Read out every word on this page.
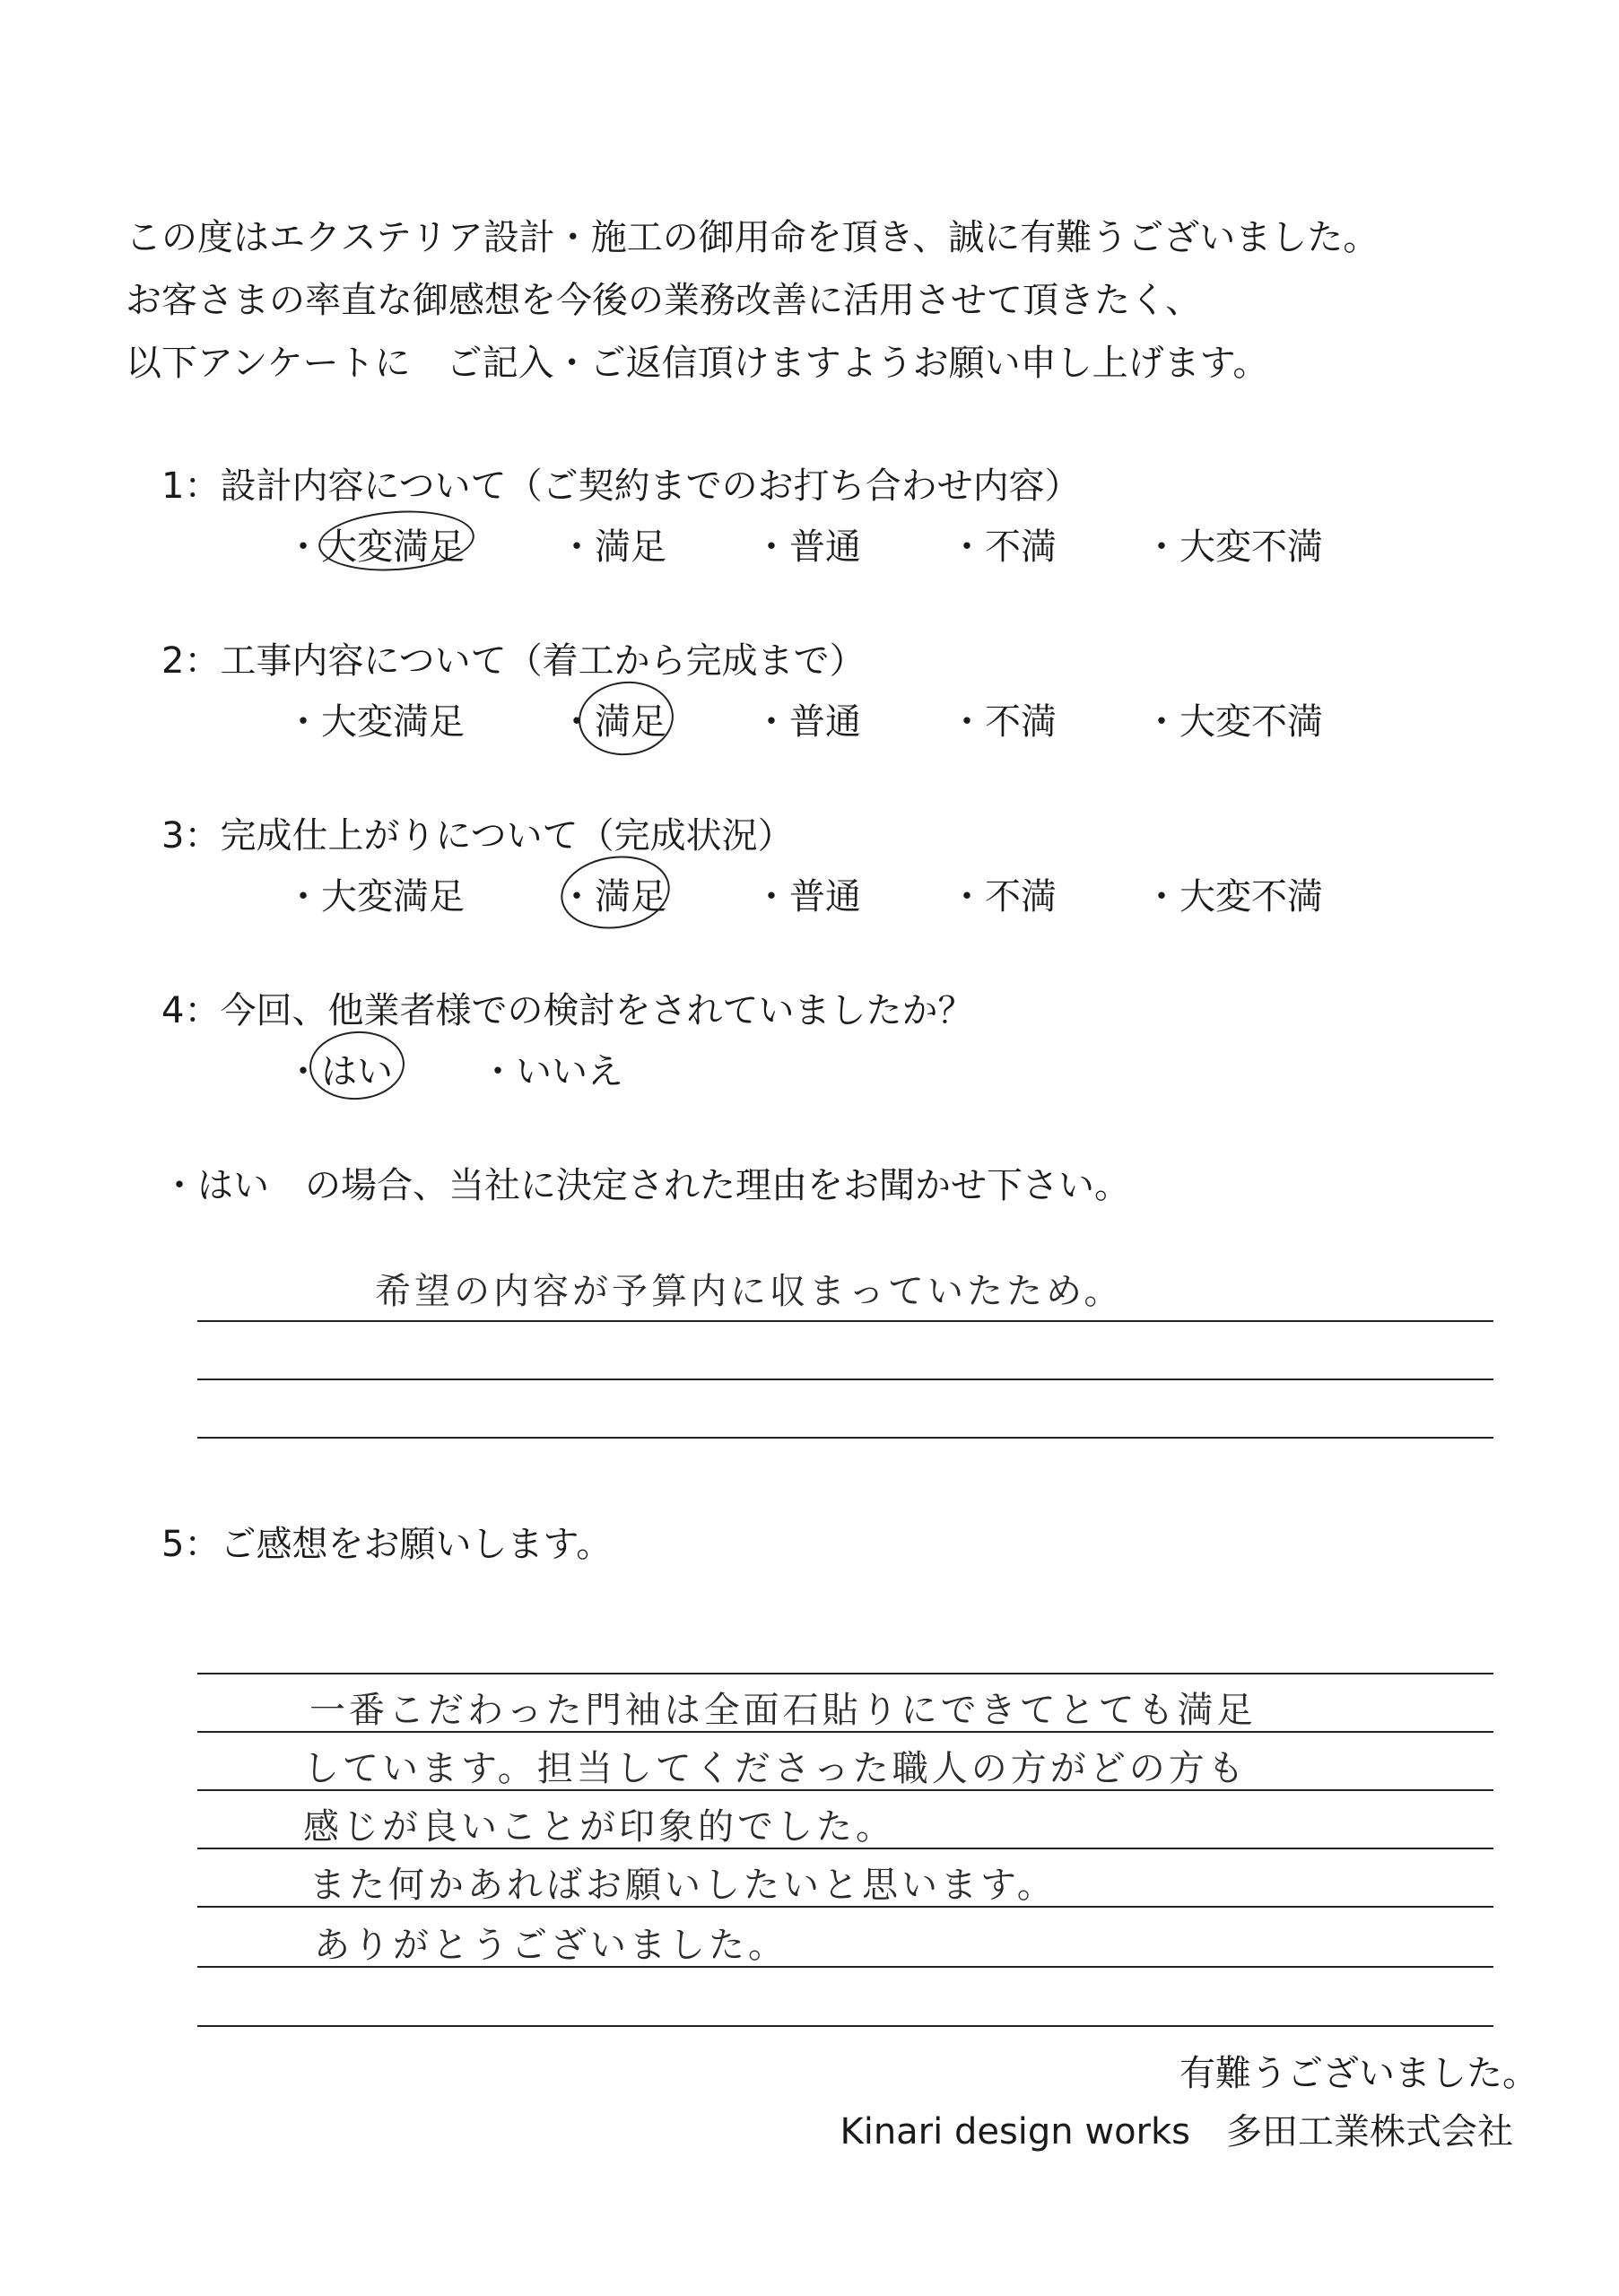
この度はエクステリア設計・施工の御用命を頂き、誠に有難うございました。
お客さまの率直な御感想を今後の業務改善に活用させて頂きたく、
以下アンケートに　ご記入・ご返信頂けますようお願い申し上げます。
1：設計内容について（ご契約までのお打ち合わせ内容）
・大変満足	・満足 ・普通 ・不満 ・大変不満
2：工事内容について（着工から完成まで）
・大変満足	・満足 ・普通 ・不満 ・大変不満
3：完成仕上がりについて（完成状況）
・大変満足	・満足 ・普通 ・不満 ・大変不満
4：今回、他業者様での検討をされていましたか？
・はい ・いいえ
・はい　の場合、当社に決定された理由をお聞かせ下さい。
希望の内容が予算内に収まっていたため。
5：ご感想をお願いします。
一番こだわった門袖は全面石貼りにできてとても満足
しています。担当してくださった職人の方がどの方も
感じが良いことが印象的でした。
また何かあればお願いしたいと思います。
ありがとうございました。
有難うございました。
Kinari design works　多田工業株式会社
